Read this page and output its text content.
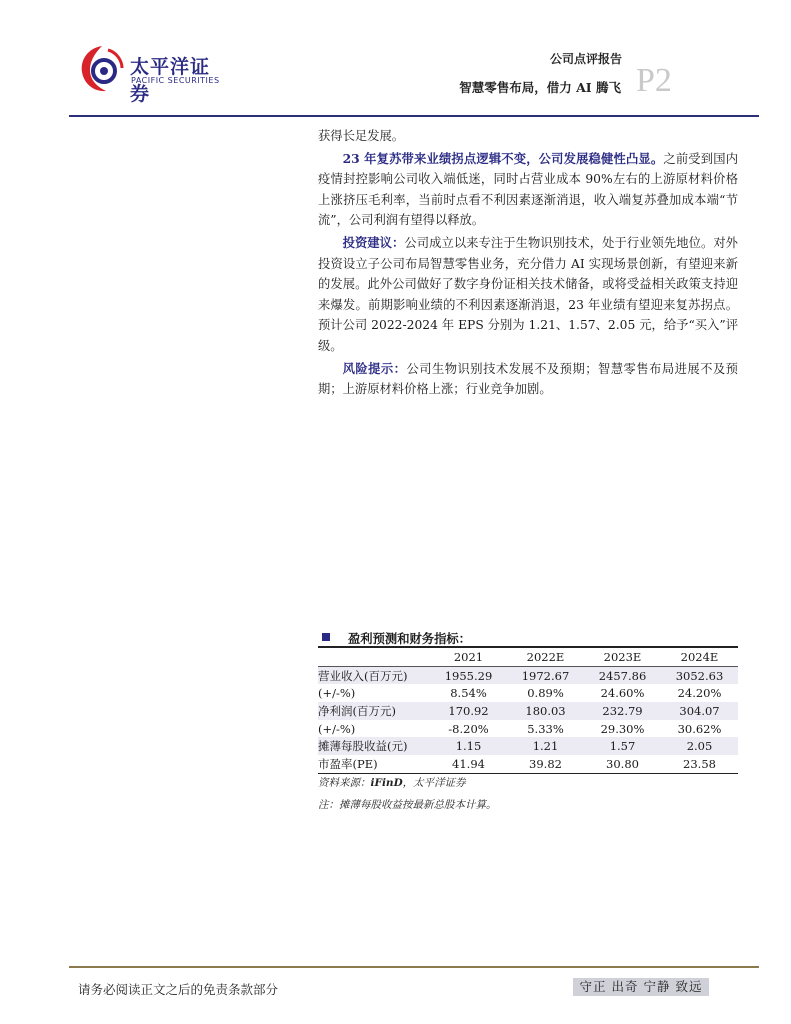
太平洋证券
PACIFIC SECURITIES
公司点评报告
智慧零售布局，借力 AI 腾飞 P2

获得长足发展。

23 年复苏带来业绩拐点逻辑不变，公司发展稳健性凸显。之前受到国内疫情封控影响公司收入端低迷，同时占营业成本 90%左右的上游原材料价格上涨挤压毛利率，当前时点看不利因素逐渐消退，收入端复苏叠加成本端“节流”，公司利润有望得以释放。

投资建议：公司成立以来专注于生物识别技术，处于行业领先地位。对外投资设立子公司布局智慧零售业务，充分借力 AI 实现场景创新，有望迎来新的发展。此外公司做好了数字身份证相关技术储备，或将受益相关政策支持迎来爆发。前期影响业绩的不利因素逐渐消退，23 年业绩有望迎来复苏拐点。预计公司 2022-2024 年 EPS 分别为 1.21、1.57、2.05 元，给予“买入”评级。

风险提示：公司生物识别技术发展不及预期；智慧零售布局进展不及预期；上游原材料价格上涨；行业竞争加剧。

盈利预测和财务指标：
	2021	2022E	2023E	2024E
营业收入(百万元)	1955.29	1972.67	2457.86	3052.63
(+/-%)	8.54%	0.89%	24.60%	24.20%
净利润(百万元)	170.92	180.03	232.79	304.07
(+/-%)	-8.20%	5.33%	29.30%	30.62%
摊薄每股收益(元)	1.15	1.21	1.57	2.05
市盈率(PE)	41.94	39.82	30.80	23.58
资料来源：iFinD，太平洋证券
注：摊薄每股收益按最新总股本计算。
请务必阅读正文之后的免责条款部分	守正 出奇 宁静 致远
